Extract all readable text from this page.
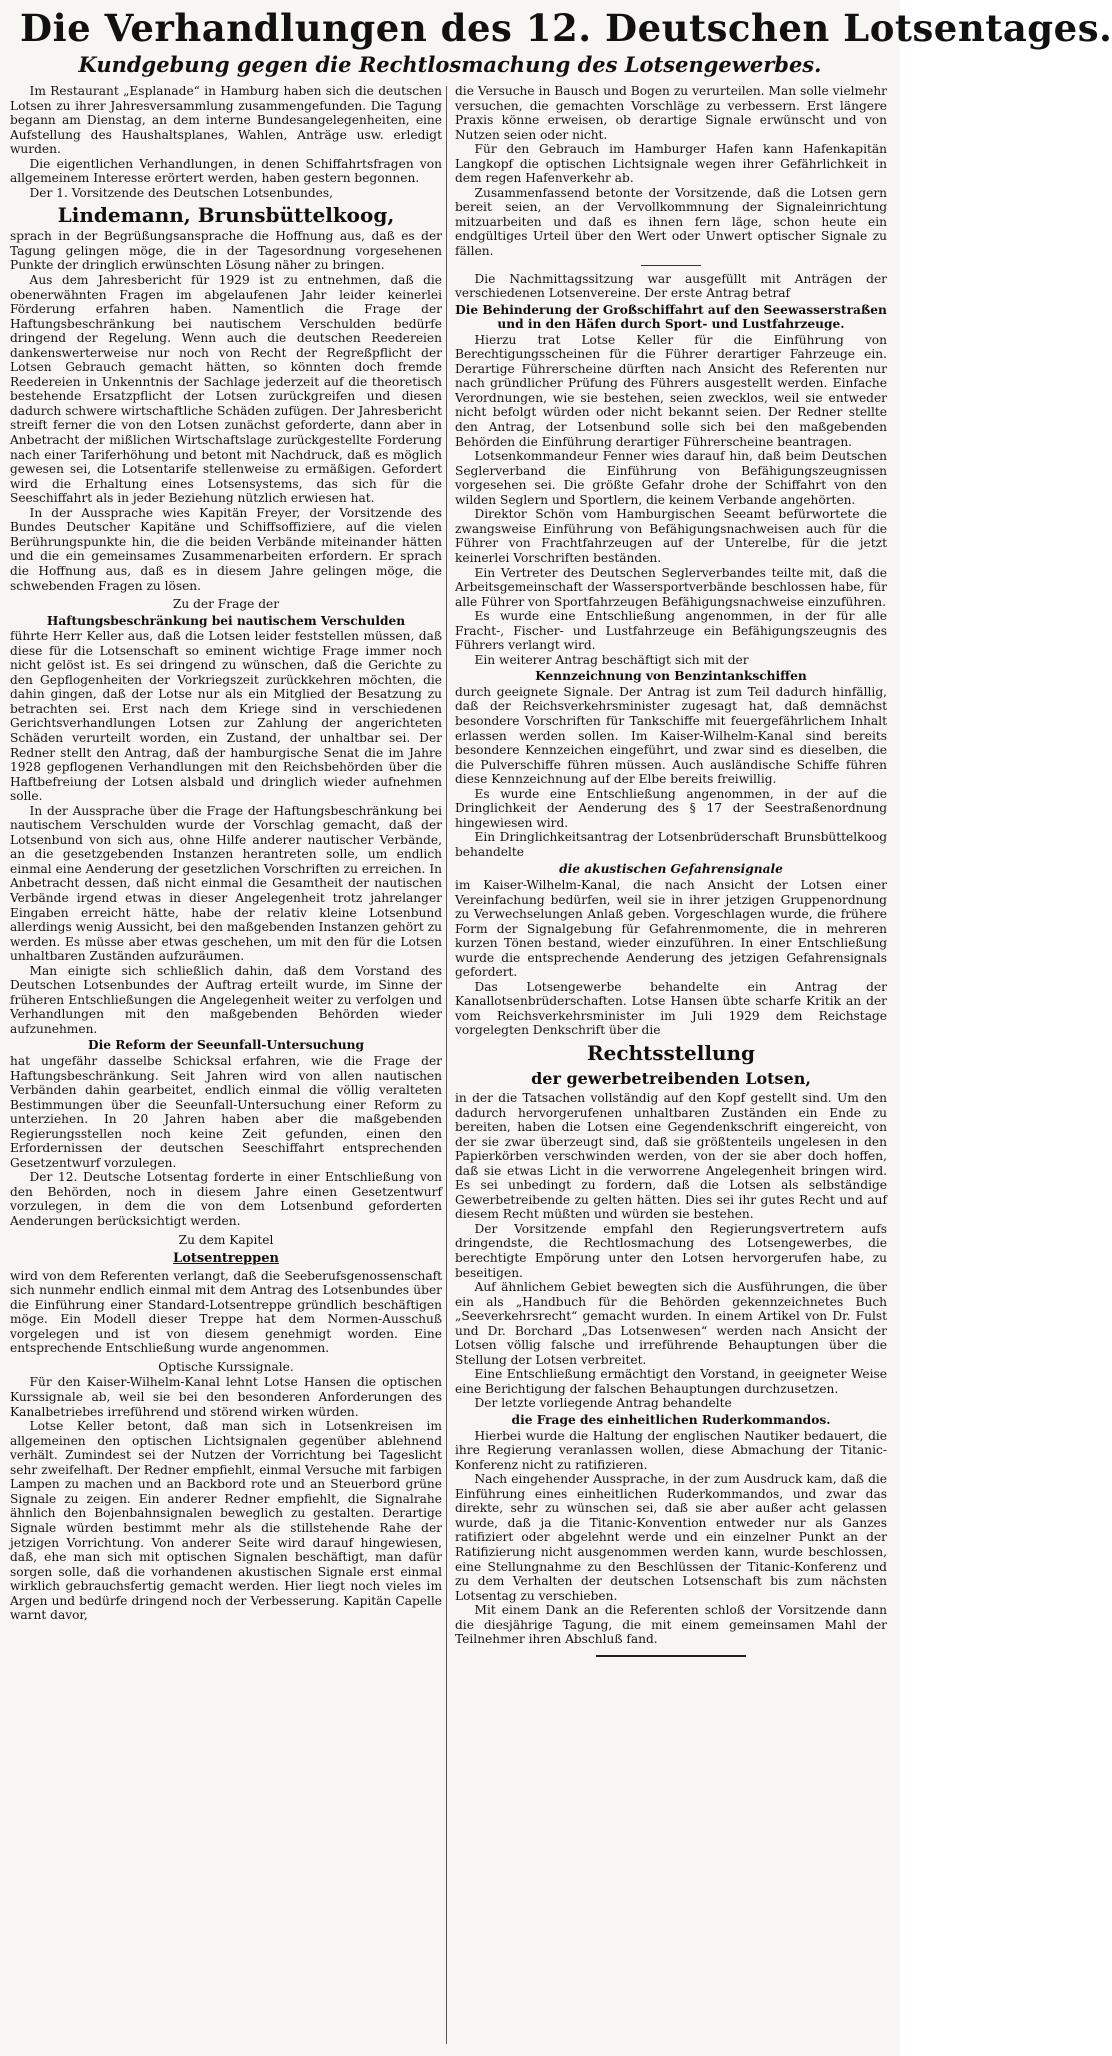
Die Verhandlungen des 12. Deutschen Lotsentages.
Kundgebung gegen die Rechtlosmachung des Lotsengewerbes.

Im Restaurant „Esplanade“ in Hamburg haben sich die deutschen Lotsen zu ihrer Jahresversammlung zusammengefunden. Die Tagung begann am Dienstag, an dem interne Bundesangelegenheiten, eine Aufstellung des Haushaltsplanes, Wahlen, Anträge usw. erledigt wurden.

Die eigentlichen Verhandlungen, in denen Schiffahrtsfragen von allgemeinem Interesse erörtert werden, haben gestern begonnen.

Der 1. Vorsitzende des Deutschen Lotsenbundes,

Lindemann, Brunsbüttelkoog,

sprach in der Begrüßungsansprache die Hoffnung aus, daß es der Tagung gelingen möge, die in der Tagesordnung vorgesehenen Punkte der dringlich erwünschten Lösung näher zu bringen.

Aus dem Jahresbericht für 1929 ist zu entnehmen, daß die obenerwähnten Fragen im abgelaufenen Jahr leider keinerlei Förderung erfahren haben. Namentlich die Frage der Haftungsbeschränkung bei nautischem Verschulden bedürfe dringend der Regelung. Wenn auch die deutschen Reedereien dankenswerterweise nur noch von Recht der Regreßpflicht der Lotsen Gebrauch gemacht hätten, so könnten doch fremde Reedereien in Unkenntnis der Sachlage jederzeit auf die theoretisch bestehende Ersatzpflicht der Lotsen zurückgreifen und diesen dadurch schwere wirtschaftliche Schäden zufügen. Der Jahresbericht streift ferner die von den Lotsen zunächst geforderte, dann aber in Anbetracht der mißlichen Wirtschaftslage zurückgestellte Forderung nach einer Tariferhöhung und betont mit Nachdruck, daß es möglich gewesen sei, die Lotsentarife stellenweise zu ermäßigen. Gefordert wird die Erhaltung eines Lotsensystems, das sich für die Seeschiffahrt als in jeder Beziehung nützlich erwiesen hat.

In der Aussprache wies Kapitän Freyer, der Vorsitzende des Bundes Deutscher Kapitäne und Schiffsoffiziere, auf die vielen Berührungspunkte hin, die die beiden Verbände miteinander hätten und die ein gemeinsames Zusammenarbeiten erfordern. Er sprach die Hoffnung aus, daß es in diesem Jahre gelingen möge, die schwebenden Fragen zu lösen.

Zu der Frage der
Haftungsbeschränkung bei nautischem Verschulden

führte Herr Keller aus, daß die Lotsen leider feststellen müssen, daß diese für die Lotsenschaft so eminent wichtige Frage immer noch nicht gelöst ist. Es sei dringend zu wünschen, daß die Gerichte zu den Gepflogenheiten der Vorkriegszeit zurückkehren möchten, die dahin gingen, daß der Lotse nur als ein Mitglied der Besatzung zu betrachten sei. Erst nach dem Kriege sind in verschiedenen Gerichtsverhandlungen Lotsen zur Zahlung der angerichteten Schäden verurteilt worden, ein Zustand, der unhaltbar sei. Der Redner stellt den Antrag, daß der hamburgische Senat die im Jahre 1928 gepflogenen Verhandlungen mit den Reichsbehörden über die Haftbefreiung der Lotsen alsbald und dringlich wieder aufnehmen solle.

In der Aussprache über die Frage der Haftungsbeschränkung bei nautischem Verschulden wurde der Vorschlag gemacht, daß der Lotsenbund von sich aus, ohne Hilfe anderer nautischer Verbände, an die gesetzgebenden Instanzen herantreten solle, um endlich einmal eine Aenderung der gesetzlichen Vorschriften zu erreichen. In Anbetracht dessen, daß nicht einmal die Gesamtheit der nautischen Verbände irgend etwas in dieser Angelegenheit trotz jahrelanger Eingaben erreicht hätte, habe der relativ kleine Lotsenbund allerdings wenig Aussicht, bei den maßgebenden Instanzen gehört zu werden. Es müsse aber etwas geschehen, um mit den für die Lotsen unhaltbaren Zuständen aufzuräumen.

Man einigte sich schließlich dahin, daß dem Vorstand des Deutschen Lotsenbundes der Auftrag erteilt wurde, im Sinne der früheren Entschließungen die Angelegenheit weiter zu verfolgen und Verhandlungen mit den maßgebenden Behörden wieder aufzunehmen.

Die Reform der Seeunfall-Untersuchung

hat ungefähr dasselbe Schicksal erfahren, wie die Frage der Haftungsbeschränkung. Seit Jahren wird von allen nautischen Verbänden dahin gearbeitet, endlich einmal die völlig veralteten Bestimmungen über die Seeunfall-Untersuchung einer Reform zu unterziehen. In 20 Jahren haben aber die maßgebenden Regierungsstellen noch keine Zeit gefunden, einen den Erfordernissen der deutschen Seeschiffahrt entsprechenden Gesetzentwurf vorzulegen.

Der 12. Deutsche Lotsentag forderte in einer Entschließung von den Behörden, noch in diesem Jahre einen Gesetzentwurf vorzulegen, in dem die von dem Lotsenbund geforderten Aenderungen berücksichtigt werden.

Zu dem Kapitel
Lotsentreppen

wird von dem Referenten verlangt, daß die Seeberufsgenossenschaft sich nunmehr endlich einmal mit dem Antrag des Lotsenbundes über die Einführung einer Standard-Lotsentreppe gründlich beschäftigen möge. Ein Modell dieser Treppe hat dem Normen-Ausschuß vorgelegen und ist von diesem genehmigt worden. Eine entsprechende Entschließung wurde angenommen.

Optische Kurssignale.

Für den Kaiser-Wilhelm-Kanal lehnt Lotse Hansen die optischen Kurssignale ab, weil sie bei den besonderen Anforderungen des Kanalbetriebes irreführend und störend wirken würden.

Lotse Keller betont, daß man sich in Lotsenkreisen im allgemeinen den optischen Lichtsignalen gegenüber ablehnend verhält. Zumindest sei der Nutzen der Vorrichtung bei Tageslicht sehr zweifelhaft. Der Redner empfiehlt, einmal Versuche mit farbigen Lampen zu machen und an Backbord rote und an Steuerbord grüne Signale zu zeigen. Ein anderer Redner empfiehlt, die Signalrahe ähnlich den Bojenbahnsignalen beweglich zu gestalten. Derartige Signale würden bestimmt mehr als die stillstehende Rahe der jetzigen Vorrichtung. Von anderer Seite wird darauf hingewiesen, daß, ehe man sich mit optischen Signalen beschäftigt, man dafür sorgen solle, daß die vorhandenen akustischen Signale erst einmal wirklich gebrauchsfertig gemacht werden. Hier liegt noch vieles im Argen und bedürfe dringend noch der Verbesserung. Kapitän Capelle warnt davor,

die Versuche in Bausch und Bogen zu verurteilen. Man solle vielmehr versuchen, die gemachten Vorschläge zu verbessern. Erst längere Praxis könne erweisen, ob derartige Signale erwünscht und von Nutzen seien oder nicht.

Für den Gebrauch im Hamburger Hafen kann Hafenkapitän Langkopf die optischen Lichtsignale wegen ihrer Gefährlichkeit in dem regen Hafenverkehr ab.

Zusammenfassend betonte der Vorsitzende, daß die Lotsen gern bereit seien, an der Vervollkommnung der Signaleinrichtung mitzuarbeiten und daß es ihnen fern läge, schon heute ein endgültiges Urteil über den Wert oder Unwert optischer Signale zu fällen.

Die Nachmittagssitzung war ausgefüllt mit Anträgen der verschiedenen Lotsenvereine. Der erste Antrag betraf

Die Behinderung der Großschiffahrt auf den Seewasserstraßen und in den Häfen durch Sport- und Lustfahrzeuge.

Hierzu trat Lotse Keller für die Einführung von Berechtigungsscheinen für die Führer derartiger Fahrzeuge ein. Derartige Führerscheine dürften nach Ansicht des Referenten nur nach gründlicher Prüfung des Führers ausgestellt werden. Einfache Verordnungen, wie sie bestehen, seien zwecklos, weil sie entweder nicht befolgt würden oder nicht bekannt seien. Der Redner stellte den Antrag, der Lotsenbund solle sich bei den maßgebenden Behörden die Einführung derartiger Führerscheine beantragen.

Lotsenkommandeur Fenner wies darauf hin, daß beim Deutschen Seglerverband die Einführung von Befähigungszeugnissen vorgesehen sei. Die größte Gefahr drohe der Schiffahrt von den wilden Seglern und Sportlern, die keinem Verbande angehörten.

Direktor Schön vom Hamburgischen Seeamt befürwortete die zwangsweise Einführung von Befähigungsnachweisen auch für die Führer von Frachtfahrzeugen auf der Unterelbe, für die jetzt keinerlei Vorschriften beständen.

Ein Vertreter des Deutschen Seglerverbandes teilte mit, daß die Arbeitsgemeinschaft der Wassersportverbände beschlossen habe, für alle Führer von Sportfahrzeugen Befähigungsnachweise einzuführen.

Es wurde eine Entschließung angenommen, in der für alle Fracht-, Fischer- und Lustfahrzeuge ein Befähigungszeugnis des Führers verlangt wird.

Ein weiterer Antrag beschäftigt sich mit der

Kennzeichnung von Benzintankschiffen

durch geeignete Signale. Der Antrag ist zum Teil dadurch hinfällig, daß der Reichsverkehrsminister zugesagt hat, daß demnächst besondere Vorschriften für Tankschiffe mit feuergefährlichem Inhalt erlassen werden sollen. Im Kaiser-Wilhelm-Kanal sind bereits besondere Kennzeichen eingeführt, und zwar sind es dieselben, die die Pulverschiffe führen müssen. Auch ausländische Schiffe führen diese Kennzeichnung auf der Elbe bereits freiwillig.

Es wurde eine Entschließung angenommen, in der auf die Dringlichkeit der Aenderung des § 17 der Seestraßenordnung hingewiesen wird.

Ein Dringlichkeitsantrag der Lotsenbrüderschaft Brunsbüttelkoog behandelte

die akustischen Gefahrensignale

im Kaiser-Wilhelm-Kanal, die nach Ansicht der Lotsen einer Vereinfachung bedürfen, weil sie in ihrer jetzigen Gruppenordnung zu Verwechselungen Anlaß geben. Vorgeschlagen wurde, die frühere Form der Signalgebung für Gefahrenmomente, die in mehreren kurzen Tönen bestand, wieder einzuführen. In einer Entschließung wurde die entsprechende Aenderung des jetzigen Gefahrensignals gefordert.

Das Lotsengewerbe behandelte ein Antrag der Kanallotsenbrüderschaften. Lotse Hansen übte scharfe Kritik an der vom Reichsverkehrsminister im Juli 1929 dem Reichstage vorgelegten Denkschrift über die

Rechtsstellung
der gewerbetreibenden Lotsen,

in der die Tatsachen vollständig auf den Kopf gestellt sind. Um den dadurch hervorgerufenen unhaltbaren Zuständen ein Ende zu bereiten, haben die Lotsen eine Gegendenkschrift eingereicht, von der sie zwar überzeugt sind, daß sie größtenteils ungelesen in den Papierkörben verschwinden werden, von der sie aber doch hoffen, daß sie etwas Licht in die verworrene Angelegenheit bringen wird. Es sei unbedingt zu fordern, daß die Lotsen als selbständige Gewerbetreibende zu gelten hätten. Dies sei ihr gutes Recht und auf diesem Recht müßten und würden sie bestehen.

Der Vorsitzende empfahl den Regierungsvertretern aufs dringendste, die Rechtlosmachung des Lotsengewerbes, die berechtigte Empörung unter den Lotsen hervorgerufen habe, zu beseitigen.

Auf ähnlichem Gebiet bewegten sich die Ausführungen, die über ein als „Handbuch für die Behörden gekennzeichnetes Buch „Seeverkehrsrecht“ gemacht wurden. In einem Artikel von Dr. Fulst und Dr. Borchard „Das Lotsenwesen“ werden nach Ansicht der Lotsen völlig falsche und irreführende Behauptungen über die Stellung der Lotsen verbreitet.

Eine Entschließung ermächtigt den Vorstand, in geeigneter Weise eine Berichtigung der falschen Behauptungen durchzusetzen.

Der letzte vorliegende Antrag behandelte

die Frage des einheitlichen Ruderkommandos.

Hierbei wurde die Haltung der englischen Nautiker bedauert, die ihre Regierung veranlassen wollen, diese Abmachung der Titanic-Konferenz nicht zu ratifizieren.

Nach eingehender Aussprache, in der zum Ausdruck kam, daß die Einführung eines einheitlichen Ruderkommandos, und zwar das direkte, sehr zu wünschen sei, daß sie aber außer acht gelassen wurde, daß ja die Titanic-Konvention entweder nur als Ganzes ratifiziert oder abgelehnt werde und ein einzelner Punkt an der Ratifizierung nicht ausgenommen werden kann, wurde beschlossen, eine Stellungnahme zu den Beschlüssen der Titanic-Konferenz und zu dem Verhalten der deutschen Lotsenschaft bis zum nächsten Lotsentag zu verschieben.

Mit einem Dank an die Referenten schloß der Vorsitzende dann die diesjährige Tagung, die mit einem gemeinsamen Mahl der Teilnehmer ihren Abschluß fand.
